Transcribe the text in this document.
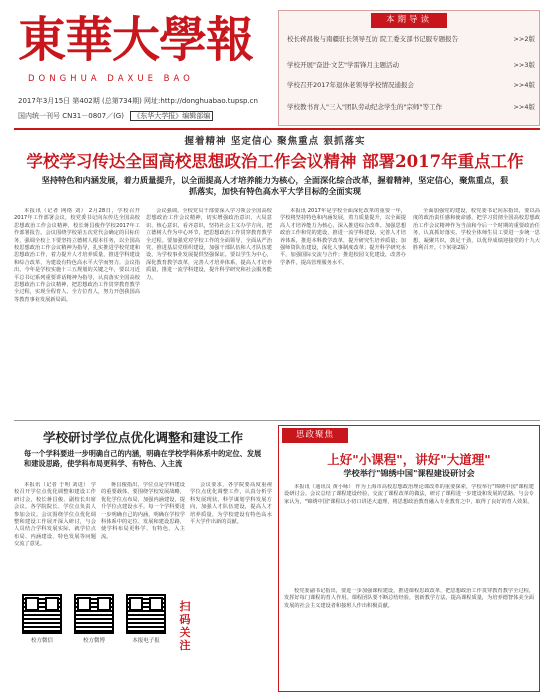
東華大學報
DONGHUA DAXUE BAO
2017年3月15日 第402期 (总第734期) 网址:http://donghuabao.tupsp.cn
国内统一刊号 CN31－0807／(G) 《东华大学报》编辑部编
本期导读
校长蒋昌俊与南疆驻长领导互访 院工委支部书记服专题报告	>>2版
学校开展"奋进·文艺"学雷锋月主题活动	>>3版
学校召开2017年退休老领导学校情况通报会	>>4版
学校教书育人"三入"团队劳动纪念学生的"宗师"等工作	>>4版
握着精神 坚定信心 聚焦重点 狠抓落实
学校学习传达全国高校思想政治工作会议精神 部署2017年重点工作
坚持特色和内涵发展，着力质量提升，以全面提高人才培养能力为核心，全面深化综合改革，握着精神，坚定信心，聚焦重点，狠抓落实，加快有特色高水平大学目标的全面实现

本报讯（记者 网络 刘） 2月28日，学校召开2017年工作部署会议，校党委书记向东传达全国高校思想政治工作会议精神，校长蒋昌俊作学校2017年工作部署报告。会议围绕学校第五次党代会确定的目标任务，强调全校上下要坚持立德树人根本任务，以全国高校思想政治工作会议精神为指导，扎实推进学校党建和思想政治工作，着力提升人才培养质量，推进学科建设和综合改革，为建设有特色高水平大学而努力。会议指出，今年是学校实施十三五规划的关键之年，要以习近平总书记系列重要讲话精神为指导，认真落实全国高校思想政治工作会议精神，把思想政治工作贯穿教育教学全过程，实现全程育人、全方位育人，努力开创我国高等教育事业发展新局面。

会议强调，全校党员干部要深入学习领会全国高校思想政治工作会议精神，切实增强政治意识、大局意识、核心意识、看齐意识，坚持社会主义办学方向，把立德树人作为中心环节，把思想政治工作贯穿教育教学全过程。要加强党对学校工作的全面领导，全面从严治党，推进基层党组织建设，加强干部队伍和人才队伍建设，为学校事业发展提供坚强保证。要以学生为中心，深化教育教学改革，完善人才培养体系，提高人才培养质量，推进一流学科建设，提升科学研究和社会服务能力。

本报讯 2017年是学校全面深化改革的重要一年，学校将坚持特色和内涵发展，着力质量提升，以全面提高人才培养能力为核心，深入推进综合改革。加强思想政治工作和党的建设，推进一流学科建设，完善人才培养体系，推进本科教学改革，提升研究生培养质量；加强师资队伍建设，深化人事制度改革；提升科学研究水平，加强国际交流与合作；推进校园文化建设，改善办学条件，提高管理服务水平。

全面加强党的建设，校党委书记向东指出，要以高度的政治责任感和使命感，把学习贯彻全国高校思想政治工作会议精神作为当前和今后一个时期的重要政治任务，认真抓好落实。学校全体师生员工要进一步统一思想，凝聚共识，鼓足干劲，以优异成绩迎接党的十九大胜利召开。（下转第2版）

学校研讨学位点优化调整和建设工作
每一个学科要进一步明确自己的内涵，明确在学校学科体系中的定位、发展和建设思路，使学科布局更科学、有特色、入主流

本报讯（记者 于明 刘进） 学校召开学位点优化调整和建设工作研讨会，校长蒋昌俊、副校长出席会议。各学院院长、学位点负责人参加会议。会议围绕学位点优化调整和建设工作展开深入研讨，与会人员结合学科发展实际，就学位点布局、内涵建设、特色发展等问题交流了意见。

蒋昌俊指出，学位点是学科建设的重要载体，要围绕学校发展战略，优化学位点布局，加强内涵建设，提升学位点建设水平。每一个学科要进一步明确自己的内涵，明确在学校学科体系中的定位、发展和建设思路，使学科布局更科学、有特色、入主流。

会议要求，各学院要高度重视学位点优化调整工作，认真分析学科发展现状，科学谋划学科发展方向，加强人才队伍建设，提高人才培养质量，为学校建设有特色高水平大学作出新的贡献。

校方微信	校方微博	本报电子报
扫码关注
思政聚焦
上好"小课程"，讲好"大道理"
学校举行"锦绣中国"课程建设研讨会

本报讯（通讯员 黄小咏） 作为上海市高校思想政治理论课改革的重要探索，学校举行"锦绣中国"课程建设研讨会。会议总结了课程建设经验，交流了课程改革的做法，研讨了课程进一步建设和发展的思路。与会专家认为，"锦绣中国"课程以小切口讲述大道理，将思想政治教育融入专业教育之中，取得了良好的育人效果。

校党委副书记指出，要进一步加强课程建设，推进课程思政改革，把思想政治工作贯穿教育教学全过程，发挥好每门课程的育人作用。课程团队要不断总结经验，创新教学方法，提高课程质量，为培养德智体美全面发展的社会主义建设者和接班人作出积极贡献。
